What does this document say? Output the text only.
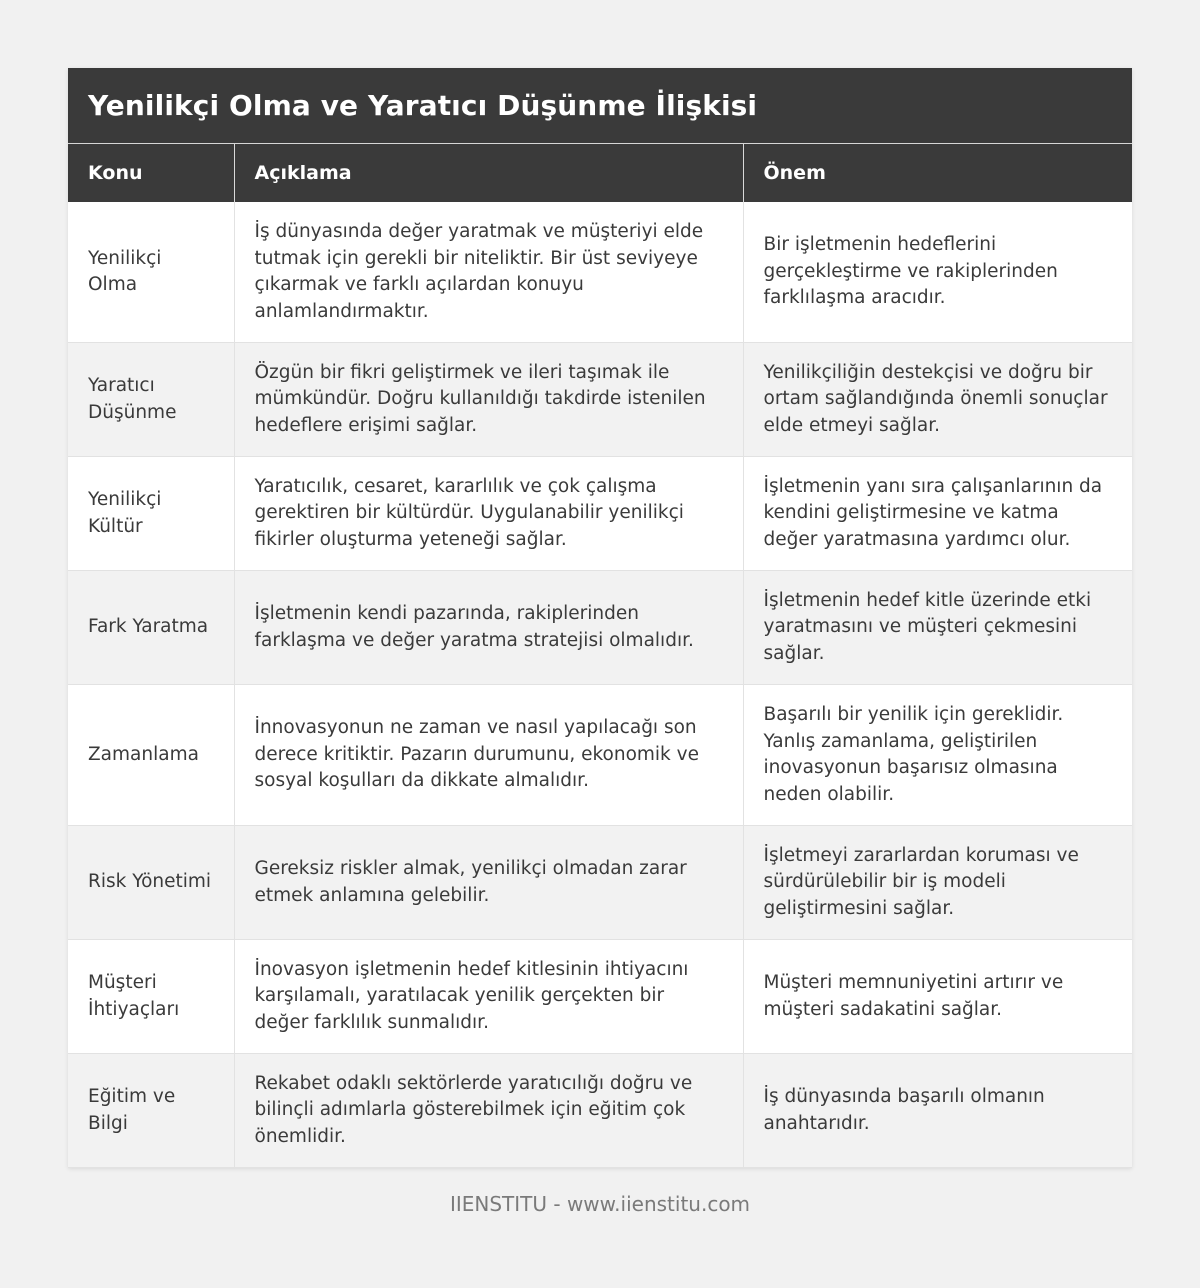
Yenilikçi Olma ve Yaratıcı Düşünme İlişkisi
Konu	Açıklama	Önem
Yenilikçi Olma	İş dünyasında değer yaratmak ve müşteriyi elde tutmak için gerekli bir niteliktir. Bir üst seviyeye çıkarmak ve farklı açılardan konuyu anlamlandırmaktır.	Bir işletmenin hedeflerini gerçekleştirme ve rakiplerinden farklılaşma aracıdır.
Yaratıcı Düşünme	Özgün bir fikri geliştirmek ve ileri taşımak ile mümkündür. Doğru kullanıldığı takdirde istenilen hedeflere erişimi sağlar.	Yenilikçiliğin destekçisi ve doğru bir ortam sağlandığında önemli sonuçlar elde etmeyi sağlar.
Yenilikçi Kültür	Yaratıcılık, cesaret, kararlılık ve çok çalışma gerektiren bir kültürdür. Uygulanabilir yenilikçi fikirler oluşturma yeteneği sağlar.	İşletmenin yanı sıra çalışanlarının da kendini geliştirmesine ve katma değer yaratmasına yardımcı olur.
Fark Yaratma	İşletmenin kendi pazarında, rakiplerinden farklaşma ve değer yaratma stratejisi olmalıdır.	İşletmenin hedef kitle üzerinde etki yaratmasını ve müşteri çekmesini sağlar.
Zamanlama	İnnovasyonun ne zaman ve nasıl yapılacağı son derece kritiktir. Pazarın durumunu, ekonomik ve sosyal koşulları da dikkate almalıdır.	Başarılı bir yenilik için gereklidir. Yanlış zamanlama, geliştirilen inovasyonun başarısız olmasına neden olabilir.
Risk Yönetimi	Gereksiz riskler almak, yenilikçi olmadan zarar etmek anlamına gelebilir.	İşletmeyi zararlardan koruması ve sürdürülebilir bir iş modeli geliştirmesini sağlar.
Müşteri İhtiyaçları	İnovasyon işletmenin hedef kitlesinin ihtiyacını karşılamalı, yaratılacak yenilik gerçekten bir değer farklılık sunmalıdır.	Müşteri memnuniyetini artırır ve müşteri sadakatini sağlar.
Eğitim ve Bilgi	Rekabet odaklı sektörlerde yaratıcılığı doğru ve bilinçli adımlarla gösterebilmek için eğitim çok önemlidir.	İş dünyasında başarılı olmanın anahtarıdır.
IIENSTITU - www.iienstitu.com
